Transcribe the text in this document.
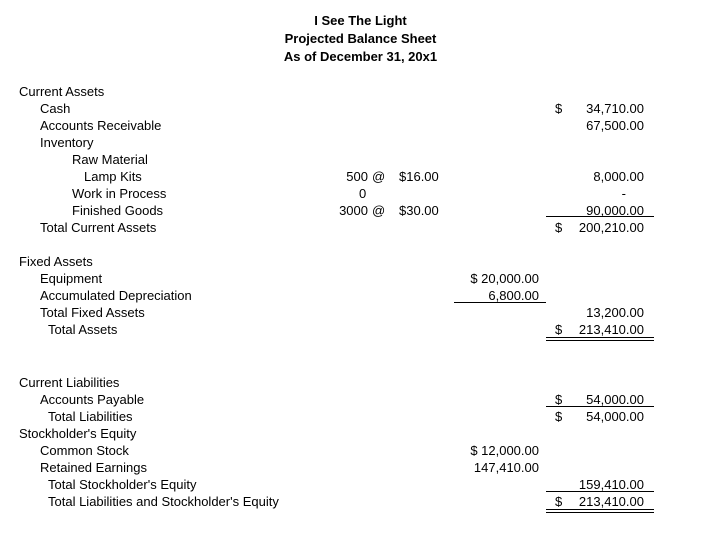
I See The Light
Projected Balance Sheet
As of December 31, 20x1
Current Assets
Cash	$ 34,710.00
Accounts Receivable	67,500.00
Inventory
Raw Material
Lamp Kits	500 @ $16.00	8,000.00
Work in Process	0	-
Finished Goods	3000 @ $30.00	90,000.00
Total Current Assets	$ 200,210.00
Fixed Assets
Equipment	$ 20,000.00
Accumulated Depreciation	6,800.00
Total Fixed Assets	13,200.00
Total Assets	$ 213,410.00
Current Liabilities
Accounts Payable	$ 54,000.00
Total Liabilities	$ 54,000.00
Stockholder's Equity
Common Stock	$ 12,000.00
Retained Earnings	147,410.00
Total Stockholder's Equity	159,410.00
Total Liabilities and Stockholder's Equity	$ 213,410.00
